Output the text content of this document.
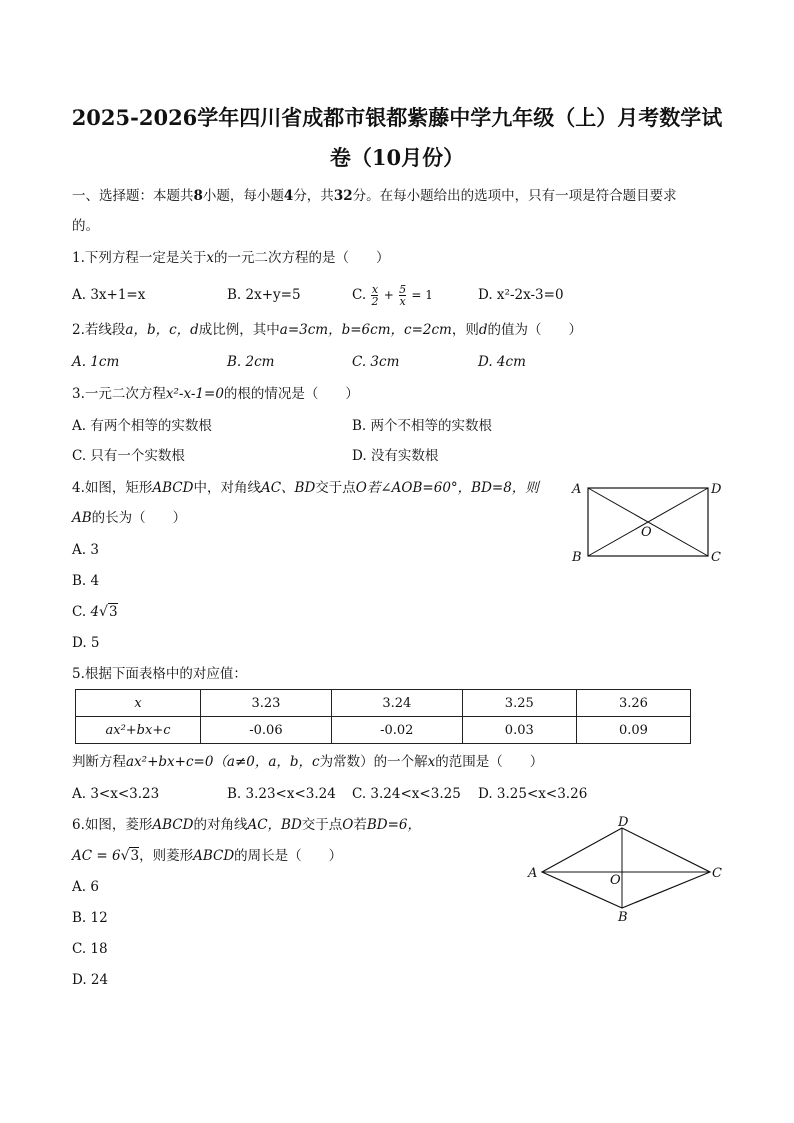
2025-2026学年四川省成都市银都紫藤中学九年级（上）月考数学试
卷（10月份）
一、选择题：本题共8小题，每小题4分，共32分。在每小题给出的选项中，只有一项是符合题目要求
的。
1.下列方程一定是关于x的一元二次方程的是（　　）
A. 3x+1=x	B. 2x+y=5	C. $\frac{x}{2} + \frac{5}{x} = 1$	D. x²-2x-3=0
2.若线段a，b，c，d成比例，其中a=3cm，b=6cm，c=2cm，则d的值为（　　）
A. 1cm	B. 2cm	C. 3cm	D. 4cm
3.一元二次方程x²-x-1=0的根的情况是（　　）
A. 有两个相等的实数根	B. 两个不相等的实数根
C. 只有一个实数根	D. 没有实数根
4.如图，矩形ABCD中，对角线AC、BD交于点O若∠AOB=60°，BD=8，则
AB的长为（　　）
A. 3
B. 4
C. 4√3
D. 5
A	D
B	C
O
5.根据下面表格中的对应值：
x	3.23	3.24	3.25	3.26
ax²+bx+c	-0.06	-0.02	0.03	0.09
判断方程ax²+bx+c=0（a≠0，a，b，c为常数）的一个解x的范围是（　　）
A. 3<x<3.23	B. 3.23<x<3.24 C. 3.24<x<3.25 D. 3.25<x<3.26
6.如图，菱形ABCD的对角线AC，BD交于点O若BD=6，
AC = 6√3，则菱形ABCD的周长是（　　）
A. 6
B. 12
C. 18
D. 24
A
D
C
B
O
